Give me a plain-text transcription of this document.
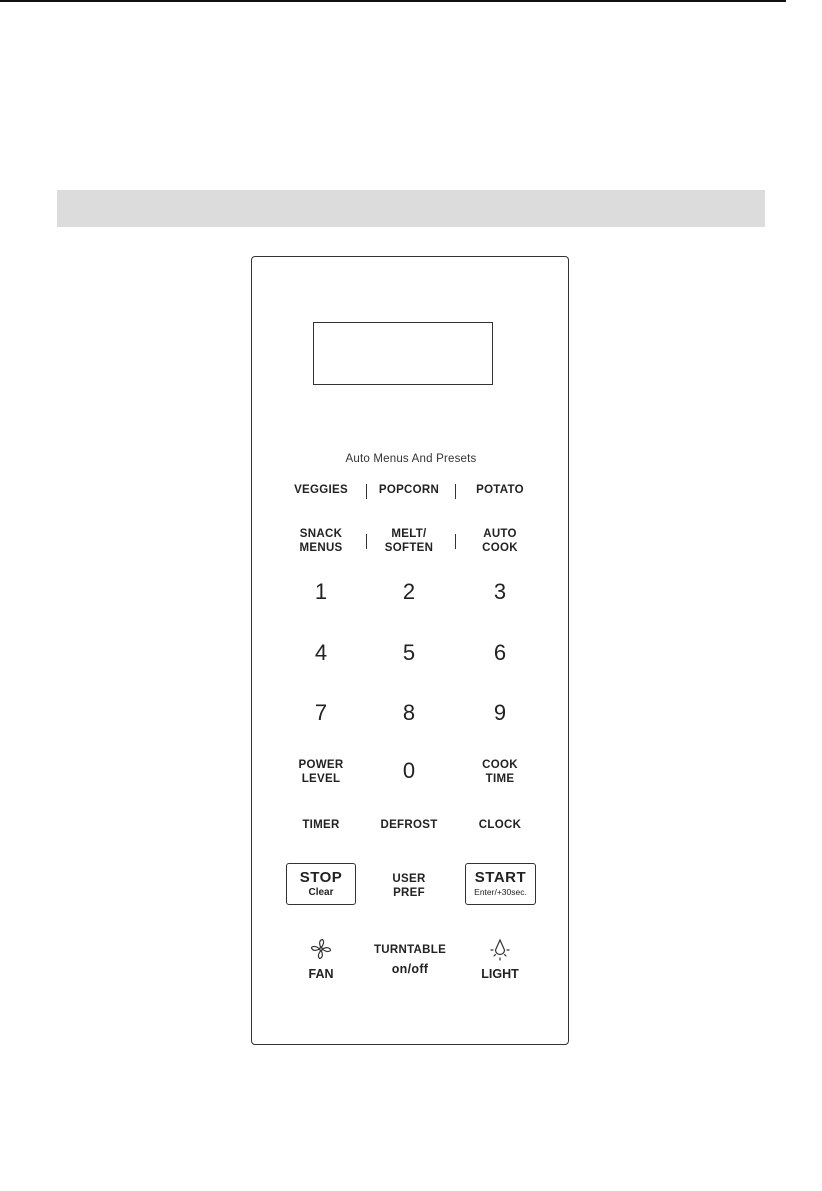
Auto Menus And Presets
VEGGIES	POPCORN	POTATO
SNACK
MENUS
MELT/
SOFTEN
AUTO
COOK
1	2	3
4	5	6
7	8	9
POWER
LEVEL	0	COOK
TIME
TIMER	DEFROST	CLOCK
STOP
Clear
USER
PREF
START
Enter/+30sec.
FAN
TURNTABLE
on/off	LIGHT
